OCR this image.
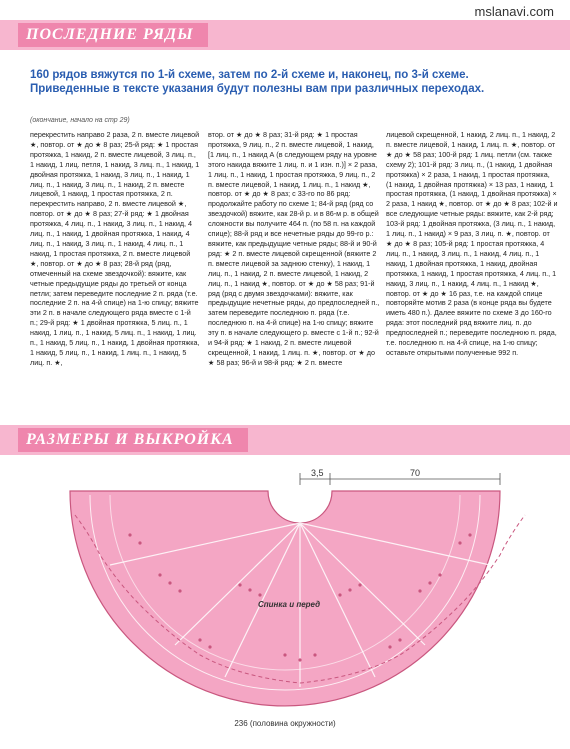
mslanavi.com
ПОСЛЕДНИЕ РЯДЫ
160 рядов вяжутся по 1-й схеме, затем по 2-й схеме и, наконец, по 3-й схеме. Приведенные в тексте указания будут полезны вам при различных переходах.
(окончание, начало на стр 29)
перекрестить направо 2 раза, 2 п. вместе лицевой ★, повтор. от ★ до ★ 8 раз; 25-й ряд: ★ 1 простая протяжка, 1 накид, 2 п. вместе лицевой, 3 лиц. п., 1 накид, 1 лиц. петля, 1 накид, 3 лиц. п., 1 накид, 1 двойная протяжка, 1 накид, 3 лиц. п., 1 накид, 1 лиц. п., 1 накид, 3 лиц. п., 1 накид, 2 п. вместе лицевой, 1 накид, 1 простая протяжка, 2 п. перекрестить направо, 2 п. вместе лицевой ★, повтор. от ★ до ★ 8 раз; 27-й ряд: ★ 1 двойная протяжка, 4 лиц. п., 1 накид, 3 лиц. п., 1 накид, 4 лиц. п., 1 накид, 1 двойная протяжка, 1 накид, 4 лиц. п., 1 накид, 3 лиц. п., 1 накид, 4 лиц. п., 1 накид, 1 простая протяжка, 2 п. вместе лицевой ★, повтор. от ★ до ★ 8 раз; 28-й ряд (ряд, отмеченный на схеме звездочкой): вяжите, как четные предыдущие ряды до третьей от конца петли; затем переведите последние 2 п. ряда (т.е. последние 2 п. на 4-й спице) на 1-ю спицу; вяжите эти 2 п. в начале следующего ряда вместе с 1-й п.; 29-й ряд: ★ 1 двойная протяжка, 5 лиц. п., 1 накид, 1 лиц. п., 1 накид, 5 лиц. п., 1 накид, 1 лиц. п., 1 накид, 5 лиц. п., 1 накид, 1 двойная протяжка, 1 накид, 5 лиц. п., 1 накид, 1 лиц. п., 1 накид, 5 лиц. п. ★,
втор. от ★ до ★ 8 раз; 31-й ряд: ★ 1 простая протяжка, 9 лиц. п., 2 п. вместе лицевой, 1 накид, [1 лиц. п., 1 накид А (в следующем ряду на уровне этого накида вяжите 1 лиц. п. и 1 изн. п.)] × 2 раза, 1 лиц. п., 1 накид, 1 простая протяжка, 9 лиц. п., 2 п. вместе лицевой, 1 накид, 1 лиц. п., 1 накид ★, повтор. от ★ до ★ 8 раз; с 33-го по 86 ряд: продолжайте работу по схеме 1; 84-й ряд (ряд со звездочкой) вяжите, как 28-й р. и в 86-м р. в общей сложности вы получите 464 п. (по 58 п. на каждой спице); 88-й ряд и все нечетные ряды до 99-го р.: вяжите, как предыдущие четные ряды; 88-й и 90-й ряд: ★ 2 п. вместе лицевой скрещенной (вяжите 2 п. вместе лицевой за заднюю стенку), 1 накид, 1 лиц. п., 1 накид, 2 п. вместе лицевой, 1 накид, 2 лиц. п., 1 накид ★, повтор. от ★ до ★ 58 раз; 91-й ряд (ряд с двумя звездочками): вяжите, как предыдущие нечетные ряды, до предпоследней п., затем переведите последнюю п. ряда (т.е. последнюю п. на 4-й спице) на 1-ю спицу; вяжите эту п. в начале следующего р. вместе с 1-й п.; 92-й и 94-й ряд: ★ 1 накид, 2 п. вместе лицевой скрещенной, 1 накид, 1 лиц. п. ★, повтор. от ★ до ★ 58 раз; 96-й и 98-й ряд: ★ 2 п. вместе
лицевой скрещенной, 1 накид, 2 лиц. п., 1 накид, 2 п. вместе лицевой, 1 накид, 1 лиц. п. ★, повтор. от ★ до ★ 58 раз; 100-й ряд: 1 лиц. петли (см. также схему 2); 101-й ряд: 3 лиц. п., (1 накид, 1 двойная протяжка) × 2 раза, 1 накид, 1 простая протяжка, (1 накид, 1 двойная протяжка) × 13 раз, 1 накид, 1 простая протяжка, (1 накид, 1 двойная протяжка) × 2 раза, 1 накид ★, повтор. от ★ до ★ 8 раз; 102-й и все следующие четные ряды: вяжите, как 2-й ряд; 103-й ряд: 1 двойная протяжка, (3 лиц. п., 1 накид, 1 лиц. п., 1 накид) × 9 раз, 3 лиц. п. ★, повтор. от ★ до ★ 8 раз; 105-й ряд: 1 простая протяжка, 4 лиц. п., 1 накид, 3 лиц. п., 1 накид, 4 лиц. п., 1 накид, 1 двойная протяжка, 1 накид, двойная протяжка, 1 накид, 1 простая протяжка, 4 лиц. п., 1 накид, 3 лиц. п., 1 накид, 4 лиц. п., 1 накид ★, повтор. от ★ до ★ 16 раз, т.е. на каждой спице повторяйте мотив 2 раза (в конце ряда вы будете иметь 480 п.). Далее вяжите по схеме 3 до 160-го ряда: этот последний ряд вяжите лиц. п. до предпоследней п.; переведите последнюю п. ряда, т.е. последнюю п. на 4-й спице, на 1-ю спицу; оставьте открытыми полученные 992 п.
РАЗМЕРЫ И ВЫКРОЙКА
3,5	70
Спинка и перед
236 (половина окружности)
